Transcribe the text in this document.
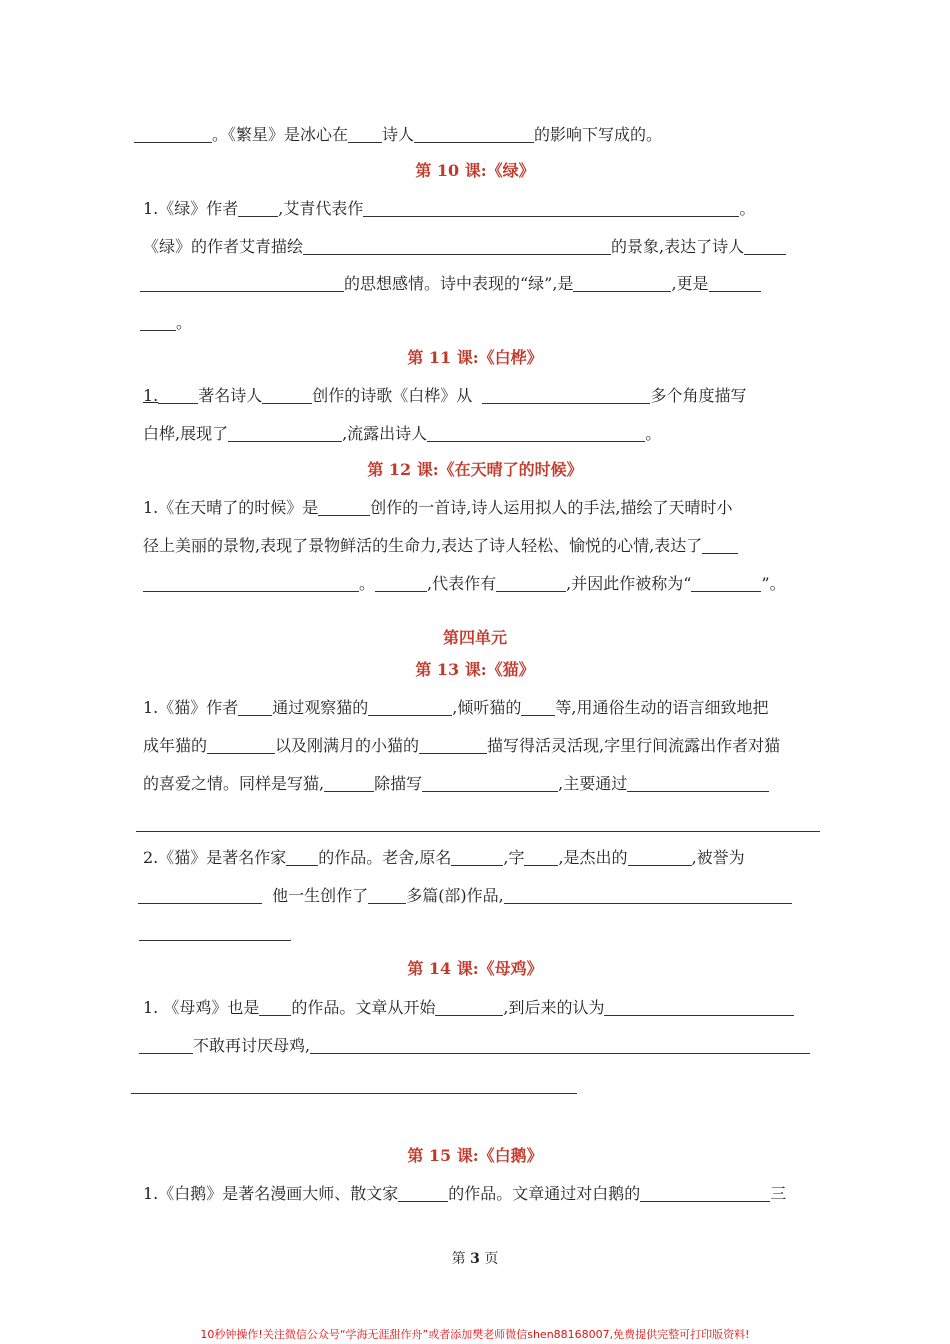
。《繁星》是冰心在 诗人	的影响下写成的。
第 10 课:《绿》
1.《绿》作者	,艾青代表作	。
《绿》的作者艾青描绘	的景象,表达了诗人
的思想感情。诗中表现的“绿”,是	,更是
。
第 11 课:《白桦》
1.	著名诗人	创作的诗歌《白桦》从	多个角度描写
白桦,展现了	,流露出诗人	。
第 12 课:《在天晴了的时候》
1.《在天晴了的时候》是	创作的一首诗,诗人运用拟人的手法,描绘了天晴时小
径上美丽的景物,表现了景物鲜活的生命力,表达了诗人轻松、愉悦的心情,表达了
。	,代表作有	,并因此作被称为“	”。
第四单元
第 13 课:《猫》
1.《猫》作者 通过观察猫的	,倾听猫的 等,用通俗生动的语言细致地把
成年猫的	以及刚满月的小猫的	描写得活灵活现,字里行间流露出作者对猫
的喜爱之情。同样是写猫,	除描写	,主要通过
2.《猫》是著名作家 的作品。老舍,原名	,字 ,是杰出的	,被誉为
他一生创作了 多篇(部)作品,
第 14 课:《母鸡》
1. 《母鸡》也是 的作品。文章从开始	,到后来的认为
不敢再讨厌母鸡,
第 15 课:《白鹅》
1.《白鹅》是著名漫画大师、散文家	的作品。文章通过对白鹅的	三
第 3 页
10秒钟操作!关注微信公众号“学海无涯甜作舟”或者添加樊老师微信shen88168007,免费提供完整可打印版资料!
